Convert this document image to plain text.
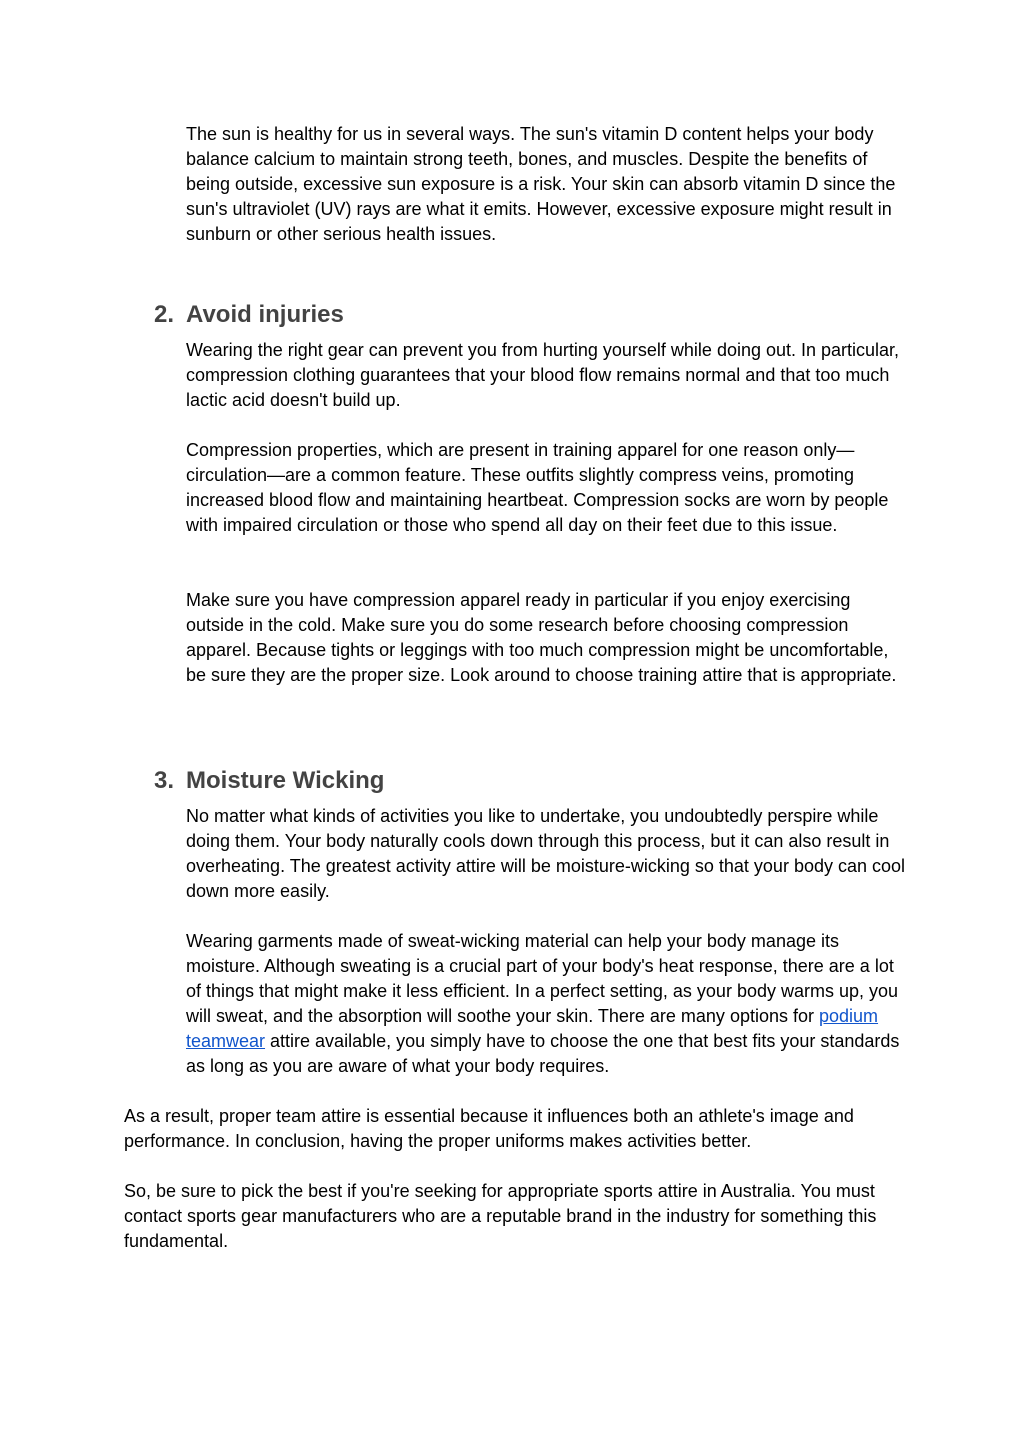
The sun is healthy for us in several ways. The sun's vitamin D content helps your body balance calcium to maintain strong teeth, bones, and muscles. Despite the benefits of being outside, excessive sun exposure is a risk. Your skin can absorb vitamin D since the sun's ultraviolet (UV) rays are what it emits. However, excessive exposure might result in sunburn or other serious health issues.

2. Avoid injuries

Wearing the right gear can prevent you from hurting yourself while doing out. In particular, compression clothing guarantees that your blood flow remains normal and that too much lactic acid doesn't build up.

Compression properties, which are present in training apparel for one reason only—circulation—are a common feature. These outfits slightly compress veins, promoting increased blood flow and maintaining heartbeat. Compression socks are worn by people with impaired circulation or those who spend all day on their feet due to this issue.

Make sure you have compression apparel ready in particular if you enjoy exercising outside in the cold. Make sure you do some research before choosing compression apparel. Because tights or leggings with too much compression might be uncomfortable, be sure they are the proper size. Look around to choose training attire that is appropriate.

3. Moisture Wicking

No matter what kinds of activities you like to undertake, you undoubtedly perspire while doing them. Your body naturally cools down through this process, but it can also result in overheating. The greatest activity attire will be moisture-wicking so that your body can cool down more easily.

Wearing garments made of sweat-wicking material can help your body manage its moisture. Although sweating is a crucial part of your body's heat response, there are a lot of things that might make it less efficient. In a perfect setting, as your body warms up, you will sweat, and the absorption will soothe your skin. There are many options for podium teamwear attire available, you simply have to choose the one that best fits your standards as long as you are aware of what your body requires.

As a result, proper team attire is essential because it influences both an athlete's image and performance. In conclusion, having the proper uniforms makes activities better.

So, be sure to pick the best if you're seeking for appropriate sports attire in Australia. You must contact sports gear manufacturers who are a reputable brand in the industry for something this fundamental.
